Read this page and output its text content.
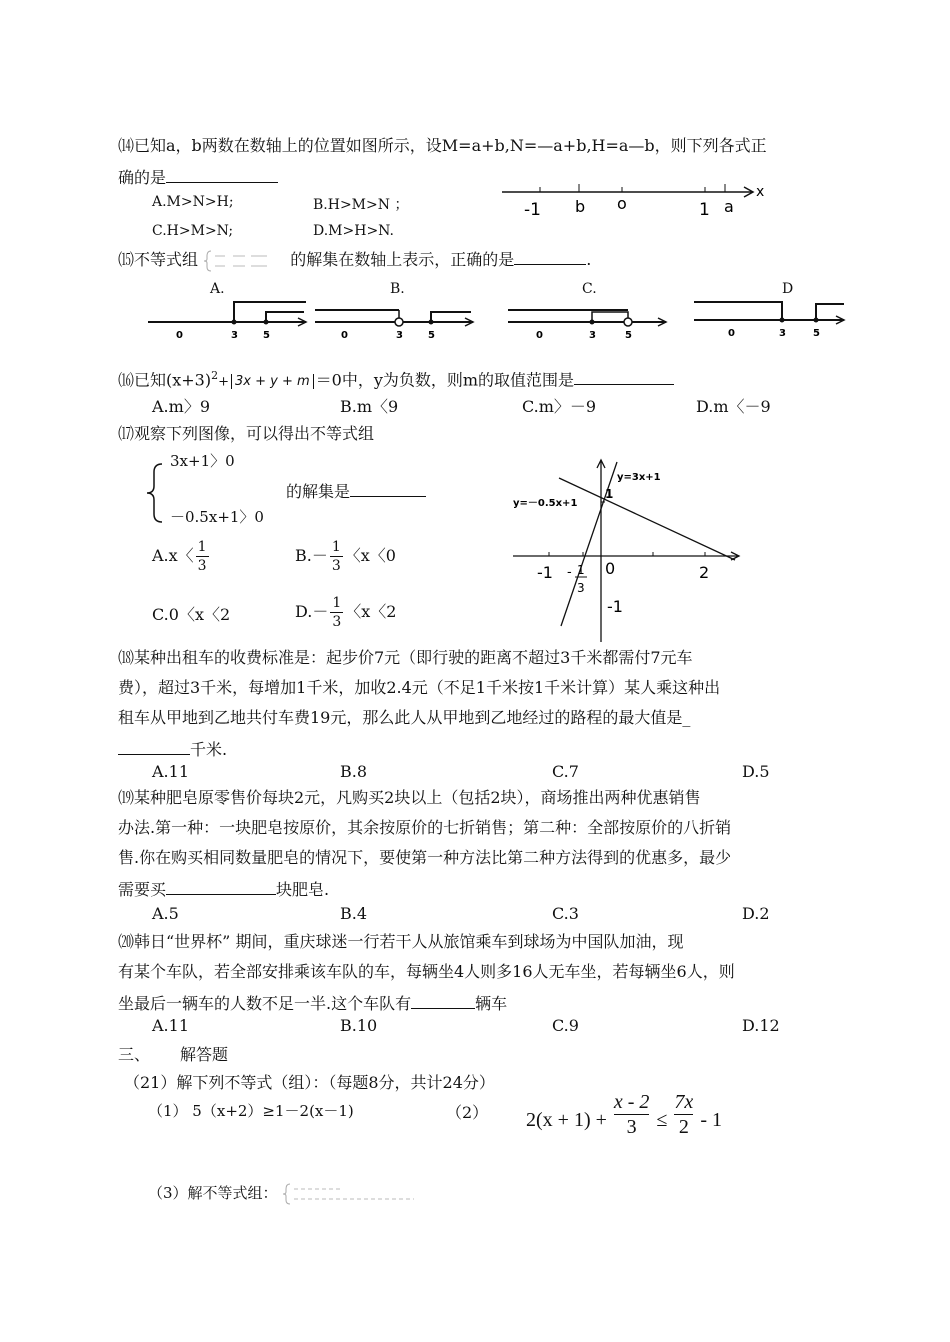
⒁已知a，b两数在数轴上的位置如图所示，设M=a+b,N=—a+b,H=a—b，则下列各式正
确的是
A.M>N>H;	B.H>M>N ；
C.H>M>N;	D.M>H>N.
-1 b o	1 a
x
⒂不等式组	的解集在数轴上表示，正确的是	.
A.	B.	C.	D
0	3	5	0	3	5	0	3	5	0	3	5
⒃已知$(x+3)^2+ 3x + y + m =0$中，y为负数，则m的取值范围是
A.m〉9	B.m〈9	C.m〉－9	D.m〈－9
⒄观察下列图像，可以得出不等式组
3x+1〉0
－0.5x+1〉0
的解集是
A.x〈 $\frac{1}{3}$	$B.- \frac{1}{3}$ 〈x〈0
C.0〈x〈2	$D.- \frac{1}{3}$ 〈x〈2
y=3x+1
y=－0.5x+1
1
-1	0	2
- 1
3
-1
⒅某种出租车的收费标准是：起步价7元（即行驶的距离不超过3千米都需付7元车
费），超过3千米，每增加1千米，加收2.4元（不足1千米按1千米计算）某人乘这种出
租车从甲地到乙地共付车费19元，那么此人从甲地到乙地经过的路程的最大值是_
千米.
A.11	B.8	C.7	D.5
⒆某种肥皂原零售价每块2元，凡购买2块以上（包括2块），商场推出两种优惠销售
办法.第一种：一块肥皂按原价，其余按原价的七折销售；第二种：全部按原价的八折销
售.你在购买相同数量肥皂的情况下，要使第一种方法比第二种方法得到的优惠多，最少
需要买	块肥皂.
A.5	B.4	C.3	D.2
⒇韩日“世界杯” 期间，重庆球迷一行若干人从旅馆乘车到球场为中国队加油，现
有某个车队，若全部安排乘该车队的车，每辆坐4人则多16人无车坐，若每辆坐6人，则
坐最后一辆车的人数不足一半.这个车队有	辆车
A.11	B.10	C.9	D.12
三、 解答题
（21）解下列不等式（组）：（每题8分，共计24分）
（1） 5（x+2）≥1－2(x－1)	（2） $2(x + 1) + \frac{x - 2}{3} \le \frac{7x}{2} - 1$
（3）解不等式组：
